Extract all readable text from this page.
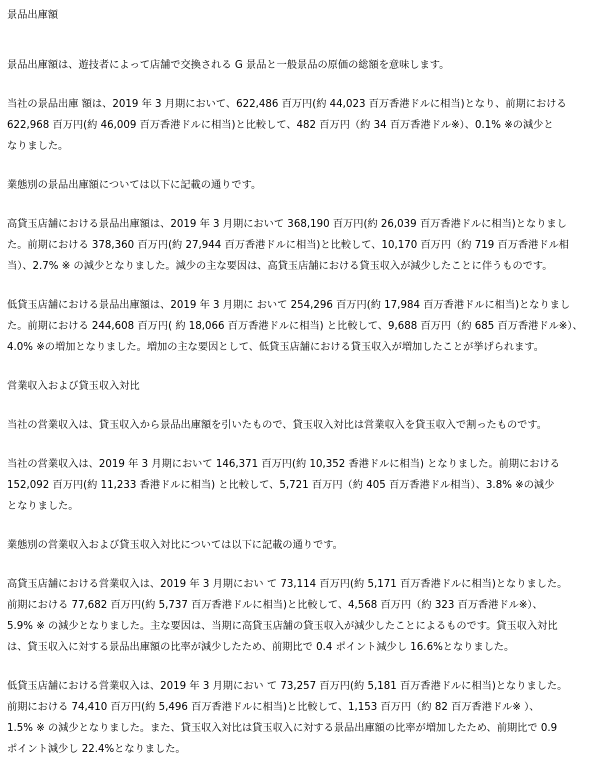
景品出庫額

景品出庫額は、遊技者によって店舗で交換される G 景品と一般景品の原価の総額を意味します。

当社の景品出庫 額は、2019 年 3 月期において、622,486 百万円(約 44,023 百万香港ドルに相当)となり、前期における

622,968 百万円(約 46,009 百万香港ドルに相当)と比較して、482 百万円（約 34 百万香港ドル※）、0.1% ※の減少と

なりました。

業態別の景品出庫額については以下に記載の通りです。

高貸玉店舗における景品出庫額は、2019 年 3 月期において 368,190 百万円(約 26,039 百万香港ドルに相当)となりまし

た。前期における 378,360 百万円(約 27,944 百万香港ドルに相当)と比較して、10,170 百万円（約 719 百万香港ドル相

当）、2.7% ※ の減少となりました。減少の主な要因は、高貸玉店舗における貸玉収入が減少したことに伴うものです。

低貸玉店舗における景品出庫額は、2019 年 3 月期に おいて 254,296 百万円(約 17,984 百万香港ドルに相当)となりまし

た。前期における 244,608 百万円( 約 18,066 百万香港ドルに相当) と比較して、9,688 百万円（約 685 百万香港ドル※）、

4.0% ※の増加となりました。増加の主な要因として、低貸玉店舗における貸玉収入が増加したことが挙げられます。

営業収入および貸玉収入対比

当社の営業収入は、貸玉収入から景品出庫額を引いたもので、貸玉収入対比は営業収入を貸玉収入で割ったものです。

当社の営業収入は、2019 年 3 月期において 146,371 百万円(約 10,352 香港ドルに相当) となりました。前期における

152,092 百万円(約 11,233 香港ドルに相当) と比較して、5,721 百万円（約 405 百万香港ドル相当）、3.8% ※の減少

となりました。

業態別の営業収入および貸玉収入対比については以下に記載の通りです。

高貸玉店舗における営業収入は、2019 年 3 月期におい て 73,114 百万円(約 5,171 百万香港ドルに相当)となりました。

前期における 77,682 百万円(約 5,737 百万香港ドルに相当)と比較して、4,568 百万円（約 323 百万香港ドル※）、

5.9% ※ の減少となりました。主な要因は、当期に高貸玉店舗の貸玉収入が減少したことによるものです。貸玉収入対比

は、貸玉収入に対する景品出庫額の比率が減少したため、前期比で 0.4 ポイント減少し 16.6%となりました。

低貸玉店舗における営業収入は、2019 年 3 月期におい て 73,257 百万円(約 5,181 百万香港ドルに相当)となりました。

前期における 74,410 百万円(約 5,496 百万香港ドルに相当)と比較して、1,153 百万円（約 82 百万香港ドル※ ）、

1.5% ※ の減少となりました。また、貸玉収入対比は貸玉収入に対する景品出庫額の比率が増加したため、前期比で 0.9

ポイント減少し 22.4%となりました。
